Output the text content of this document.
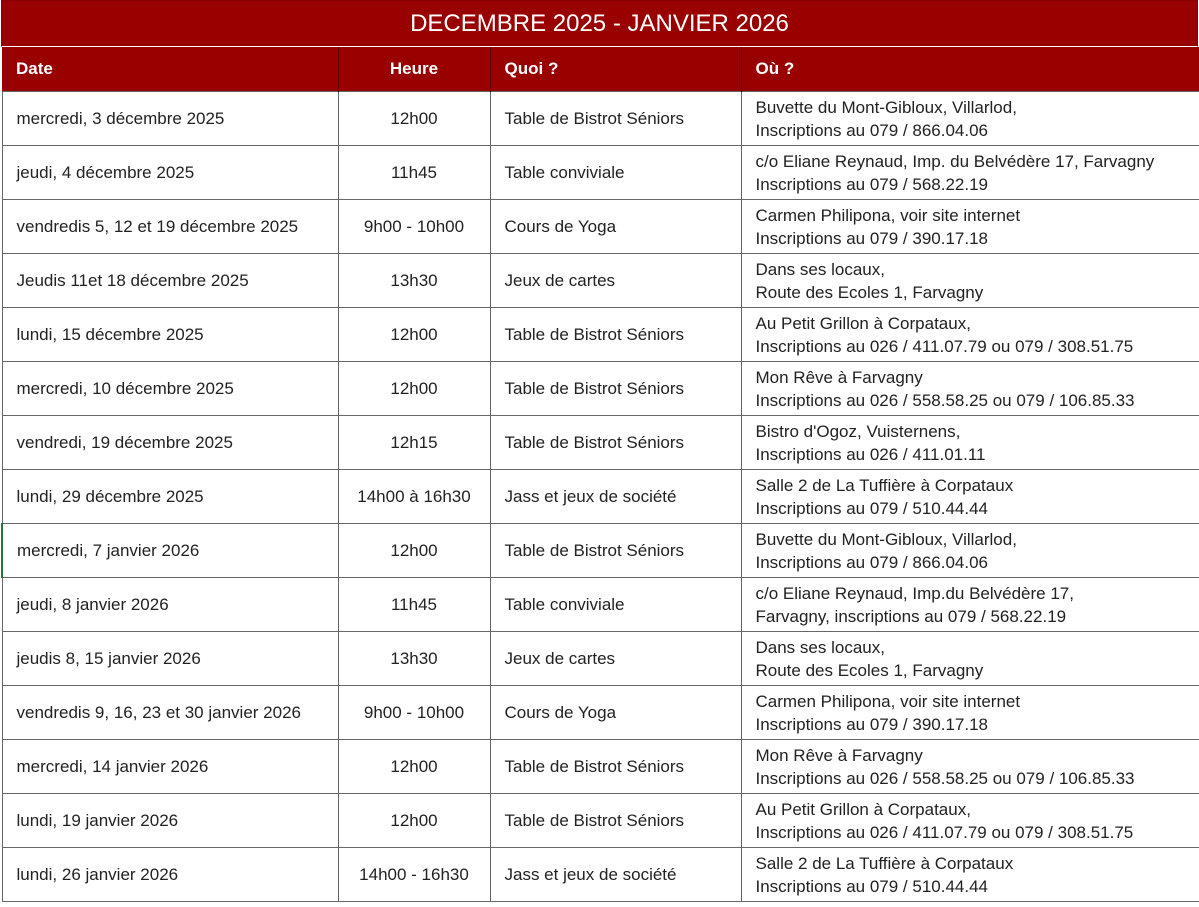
DECEMBRE 2025 - JANVIER 2026
Date	Heure	Quoi ?	Où ?
mercredi, 3 décembre 2025	12h00	Table de Bistrot Séniors	Buvette du Mont-Gibloux, Villarlod,
Inscriptions au 079 / 866.04.06

jeudi, 4 décembre 2025	11h45	Table conviviale	c/o Eliane Reynaud, Imp. du Belvédère 17, Farvagny
Inscriptions au 079 / 568.22.19

vendredis 5, 12 et 19 décembre 2025	9h00 - 10h00	Cours de Yoga	Carmen Philipona, voir site internet
Inscriptions au 079 / 390.17.18

Jeudis 11et 18 décembre 2025	13h30	Jeux de cartes	Dans ses locaux,
Route des Ecoles 1, Farvagny

lundi, 15 décembre 2025	12h00	Table de Bistrot Séniors	Au Petit Grillon à Corpataux,
Inscriptions au 026 / 411.07.79 ou 079 / 308.51.75

mercredi, 10 décembre 2025	12h00	Table de Bistrot Séniors	Mon Rêve à Farvagny
Inscriptions au 026 / 558.58.25 ou 079 / 106.85.33

vendredi, 19 décembre 2025	12h15	Table de Bistrot Séniors	Bistro d'Ogoz, Vuisternens,
Inscriptions au 026 / 411.01.11

lundi, 29 décembre 2025	14h00 à 16h30	Jass et jeux de société	Salle 2 de La Tuffière à Corpataux
Inscriptions au 079 / 510.44.44

mercredi, 7 janvier 2026	12h00	Table de Bistrot Séniors	Buvette du Mont-Gibloux, Villarlod,
Inscriptions au 079 / 866.04.06

jeudi, 8 janvier 2026	11h45	Table conviviale	c/o Eliane Reynaud, Imp.du Belvédère 17,
Farvagny, inscriptions au 079 / 568.22.19

jeudis 8, 15 janvier 2026	13h30	Jeux de cartes	Dans ses locaux,
Route des Ecoles 1, Farvagny

vendredis 9, 16, 23 et 30 janvier 2026	9h00 - 10h00	Cours de Yoga	Carmen Philipona, voir site internet
Inscriptions au 079 / 390.17.18

mercredi, 14 janvier 2026	12h00	Table de Bistrot Séniors	Mon Rêve à Farvagny
Inscriptions au 026 / 558.58.25 ou 079 / 106.85.33

lundi, 19 janvier 2026	12h00	Table de Bistrot Séniors	Au Petit Grillon à Corpataux,
Inscriptions au 026 / 411.07.79 ou 079 / 308.51.75

lundi, 26 janvier 2026	14h00 - 16h30	Jass et jeux de société	Salle 2 de La Tuffière à Corpataux
Inscriptions au 079 / 510.44.44
